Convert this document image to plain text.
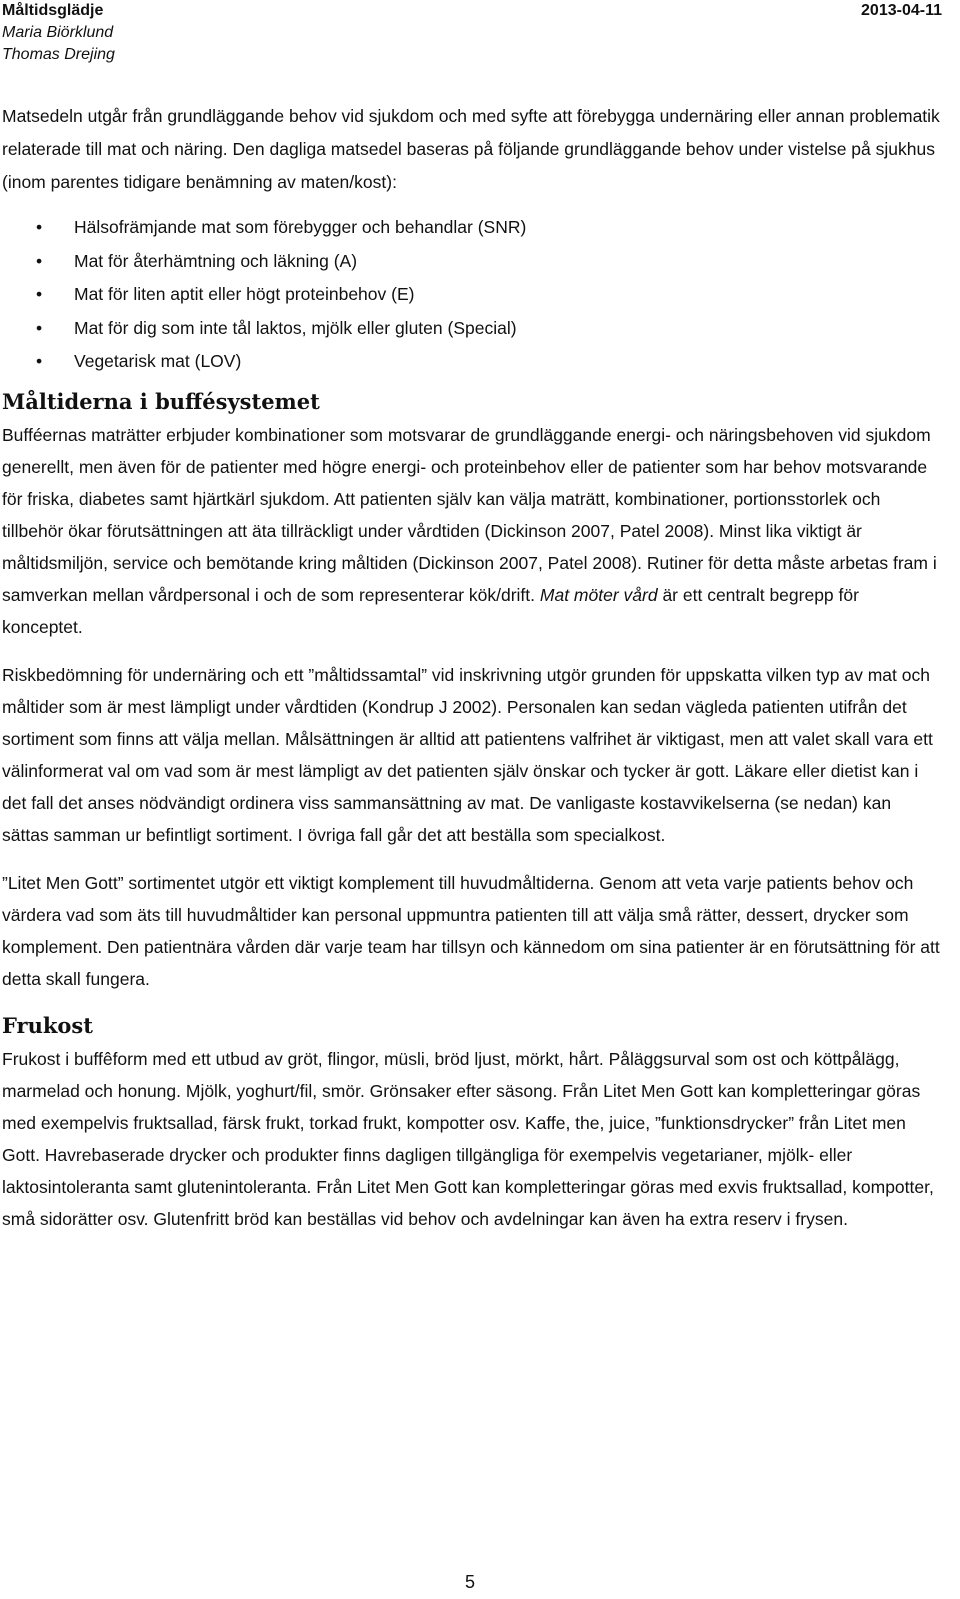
Måltidsglädje
Maria Biörklund
Thomas Drejing
2013-04-11

Matsedeln utgår från grundläggande behov vid sjukdom och med syfte att förebygga undernäring eller annan problematik relaterade till mat och näring. Den dagliga matsedel baseras på följande grundläggande behov under vistelse på sjukhus (inom parentes tidigare benämning av maten/kost):

• Hälsofrämjande mat som förebygger och behandlar (SNR)
• Mat för återhämtning och läkning (A)
• Mat för liten aptit eller högt proteinbehov (E)
• Mat för dig som inte tål laktos, mjölk eller gluten (Special)
• Vegetarisk mat (LOV)
Måltiderna i buffésystemet

Bufféernas maträtter erbjuder kombinationer som motsvarar de grundläggande energi- och näringsbehoven vid sjukdom generellt, men även för de patienter med högre energi- och proteinbehov eller de patienter som har behov motsvarande för friska, diabetes samt hjärtkärl sjukdom. Att patienten själv kan välja maträtt, kombinationer, portionsstorlek och tillbehör ökar förutsättningen att äta tillräckligt under vårdtiden (Dickinson 2007, Patel 2008). Minst lika viktigt är måltidsmiljön, service och bemötande kring måltiden (Dickinson 2007, Patel 2008). Rutiner för detta måste arbetas fram i samverkan mellan vårdpersonal i och de som representerar kök/drift. Mat möter vård är ett centralt begrepp för konceptet.

Riskbedömning för undernäring och ett ”måltidssamtal” vid inskrivning utgör grunden för uppskatta vilken typ av mat och måltider som är mest lämpligt under vårdtiden (Kondrup J 2002). Personalen kan sedan vägleda patienten utifrån det sortiment som finns att välja mellan. Målsättningen är alltid att patientens valfrihet är viktigast, men att valet skall vara ett välinformerat val om vad som är mest lämpligt av det patienten själv önskar och tycker är gott. Läkare eller dietist kan i det fall det anses nödvändigt ordinera viss sammansättning av mat. De vanligaste kostavvikelserna (se nedan) kan sättas samman ur befintligt sortiment. I övriga fall går det att beställa som specialkost.

”Litet Men Gott” sortimentet utgör ett viktigt komplement till huvudmåltiderna. Genom att veta varje patients behov och värdera vad som äts till huvudmåltider kan personal uppmuntra patienten till att välja små rätter, dessert, drycker som komplement. Den patientnära vården där varje team har tillsyn och kännedom om sina patienter är en förutsättning för att detta skall fungera.

Frukost

Frukost i buffêform med ett utbud av gröt, flingor, müsli, bröd ljust, mörkt, hårt. Påläggsurval som ost och köttpålägg, marmelad och honung. Mjölk, yoghurt/fil, smör. Grönsaker efter säsong. Från Litet Men Gott kan kompletteringar göras med exempelvis fruktsallad, färsk frukt, torkad frukt, kompotter osv. Kaffe, the, juice, ”funktionsdrycker” från Litet men Gott. Havrebaserade drycker och produkter finns dagligen tillgängliga för exempelvis vegetarianer, mjölk- eller laktosintoleranta samt glutenintoleranta. Från Litet Men Gott kan kompletteringar göras med exvis fruktsallad, kompotter, små sidorätter osv. Glutenfritt bröd kan beställas vid behov och avdelningar kan även ha extra reserv i frysen.

5
